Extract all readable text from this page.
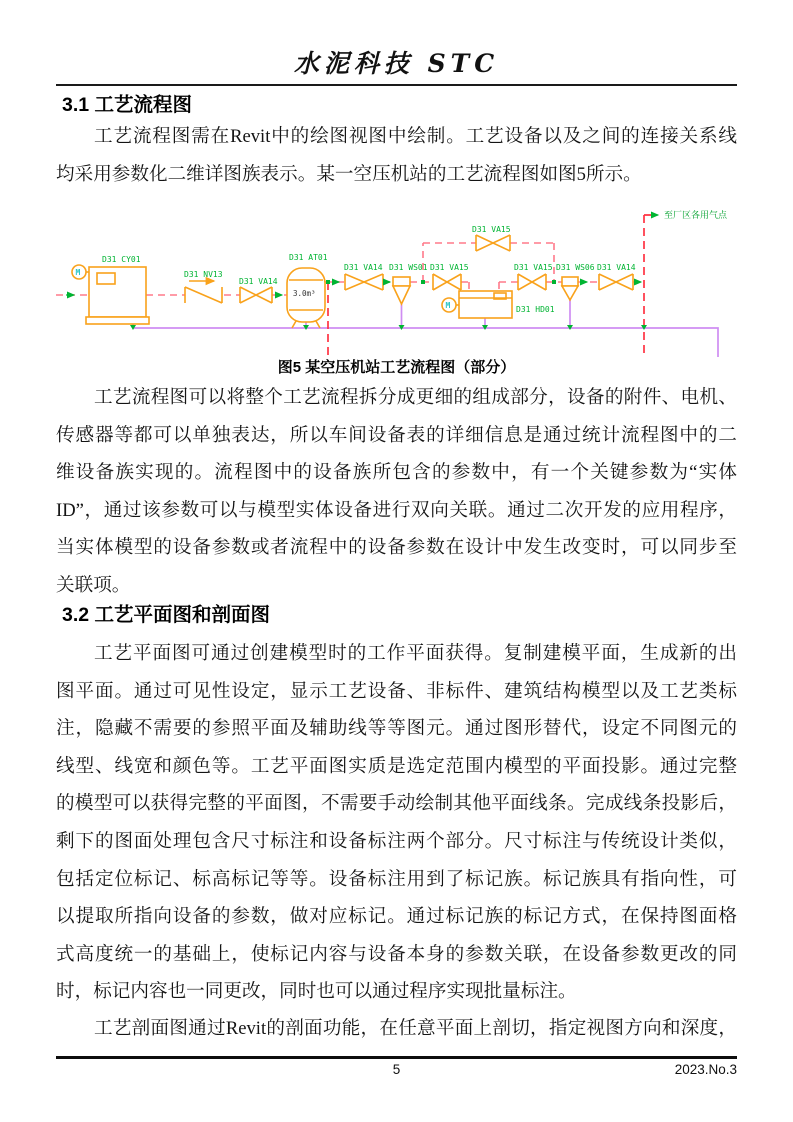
水泥科技 STC
3.1 工艺流程图
工艺流程图需在Revit中的绘图视图中绘制。工艺设备以及之间的连接关系线
均采用参数化二维详图族表示。某一空压机站的工艺流程图如图5所示。
M
D31 CY01
D31 NV13
D31 VA14
3.0m³
D31 AT01
D31 VA14 D31 WS01
D31 VA15
D31 VA15
M	D31 HD01
D31 VA15 D31 WS06 D31 VA14
至厂区各用气点
图5 某空压机站工艺流程图（部分）
工艺流程图可以将整个工艺流程拆分成更细的组成部分，设备的附件、电机、
传感器等都可以单独表达，所以车间设备表的详细信息是通过统计流程图中的二
维设备族实现的。流程图中的设备族所包含的参数中，有一个关键参数为“实体
ID”，通过该参数可以与模型实体设备进行双向关联。通过二次开发的应用程序，
当实体模型的设备参数或者流程中的设备参数在设计中发生改变时，可以同步至
关联项。
3.2 工艺平面图和剖面图
工艺平面图可通过创建模型时的工作平面获得。复制建模平面，生成新的出
图平面。通过可见性设定，显示工艺设备、非标件、建筑结构模型以及工艺类标
注，隐藏不需要的参照平面及辅助线等等图元。通过图形替代，设定不同图元的
线型、线宽和颜色等。工艺平面图实质是选定范围内模型的平面投影。通过完整
的模型可以获得完整的平面图，不需要手动绘制其他平面线条。完成线条投影后，
剩下的图面处理包含尺寸标注和设备标注两个部分。尺寸标注与传统设计类似，
包括定位标记、标高标记等等。设备标注用到了标记族。标记族具有指向性，可
以提取所指向设备的参数，做对应标记。通过标记族的标记方式，在保持图面格
式高度统一的基础上，使标记内容与设备本身的参数关联，在设备参数更改的同
时，标记内容也一同更改，同时也可以通过程序实现批量标注。
工艺剖面图通过Revit的剖面功能，在任意平面上剖切，指定视图方向和深度，
5	2023.No.3
